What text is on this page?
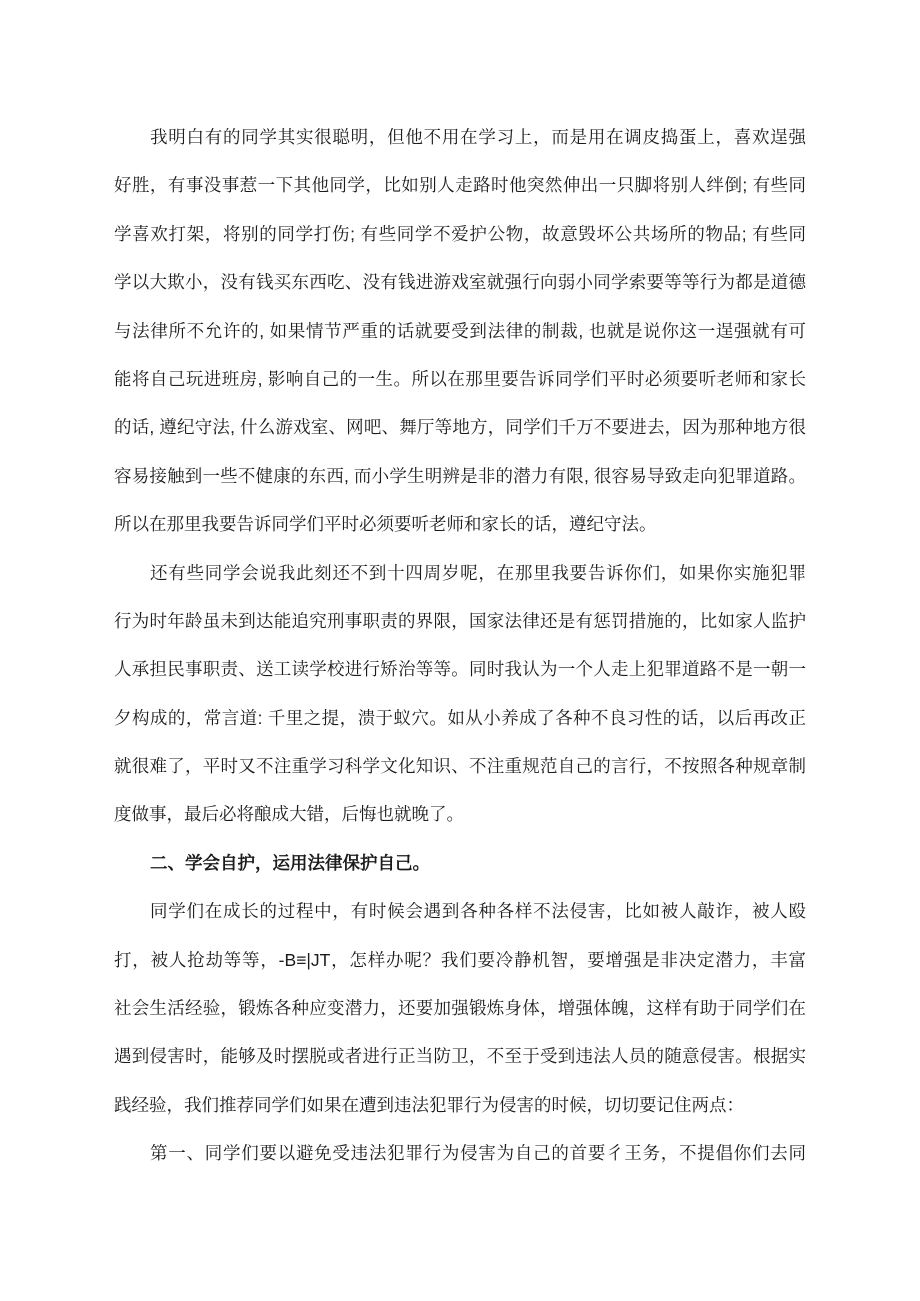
我明白有的同学其实很聪明，但他不用在学习上，而是用在调皮捣蛋上，喜欢逞强
好胜，有事没事惹一下其他同学，比如别人走路时他突然伸出一只脚将别人绊倒; 有些同
学喜欢打架，将别的同学打伤; 有些同学不爱护公物，故意毁坏公共场所的物品; 有些同
学以大欺小，没有钱买东西吃、没有钱进游戏室就强行向弱小同学索要等等行为都是道德
与法律所不允许的, 如果情节严重的话就要受到法律的制裁, 也就是说你这一逞强就有可
能将自己玩进班房, 影响自己的一生。所以在那里要告诉同学们平时必须要听老师和家长
的话, 遵纪守法, 什么游戏室、网吧、舞厅等地方，同学们千万不要进去，因为那种地方很
容易接触到一些不健康的东西, 而小学生明辨是非的潜力有限, 很容易导致走向犯罪道路。
所以在那里我要告诉同学们平时必须要听老师和家长的话，遵纪守法。
还有些同学会说我此刻还不到十四周岁呢，在那里我要告诉你们，如果你实施犯罪
行为时年龄虽未到达能追究刑事职责的界限，国家法律还是有惩罚措施的，比如家人监护
人承担民事职责、送工读学校进行矫治等等。同时我认为一个人走上犯罪道路不是一朝一
夕构成的，常言道: 千里之提，溃于蚁穴。如从小养成了各种不良习性的话，以后再改正
就很难了，平时又不注重学习科学文化知识、不注重规范自己的言行，不按照各种规章制
度做事，最后必将酿成大错，后悔也就晚了。
二、学会自护，运用法律保护自己。
同学们在成长的过程中，有时候会遇到各种各样不法侵害，比如被人敲诈，被人殴
打，被人抢劫等等，-B≡|JT，怎样办呢？我们要冷静机智，要增强是非决定潜力，丰富
社会生活经验，锻炼各种应变潜力，还要加强锻炼身体，增强体魄，这样有助于同学们在
遇到侵害时，能够及时摆脱或者进行正当防卫，不至于受到违法人员的随意侵害。根据实
践经验，我们推荐同学们如果在遭到违法犯罪行为侵害的时候，切切要记住两点：
第一、同学们要以避免受违法犯罪行为侵害为自己的首要彳王务，不提倡你们去同
